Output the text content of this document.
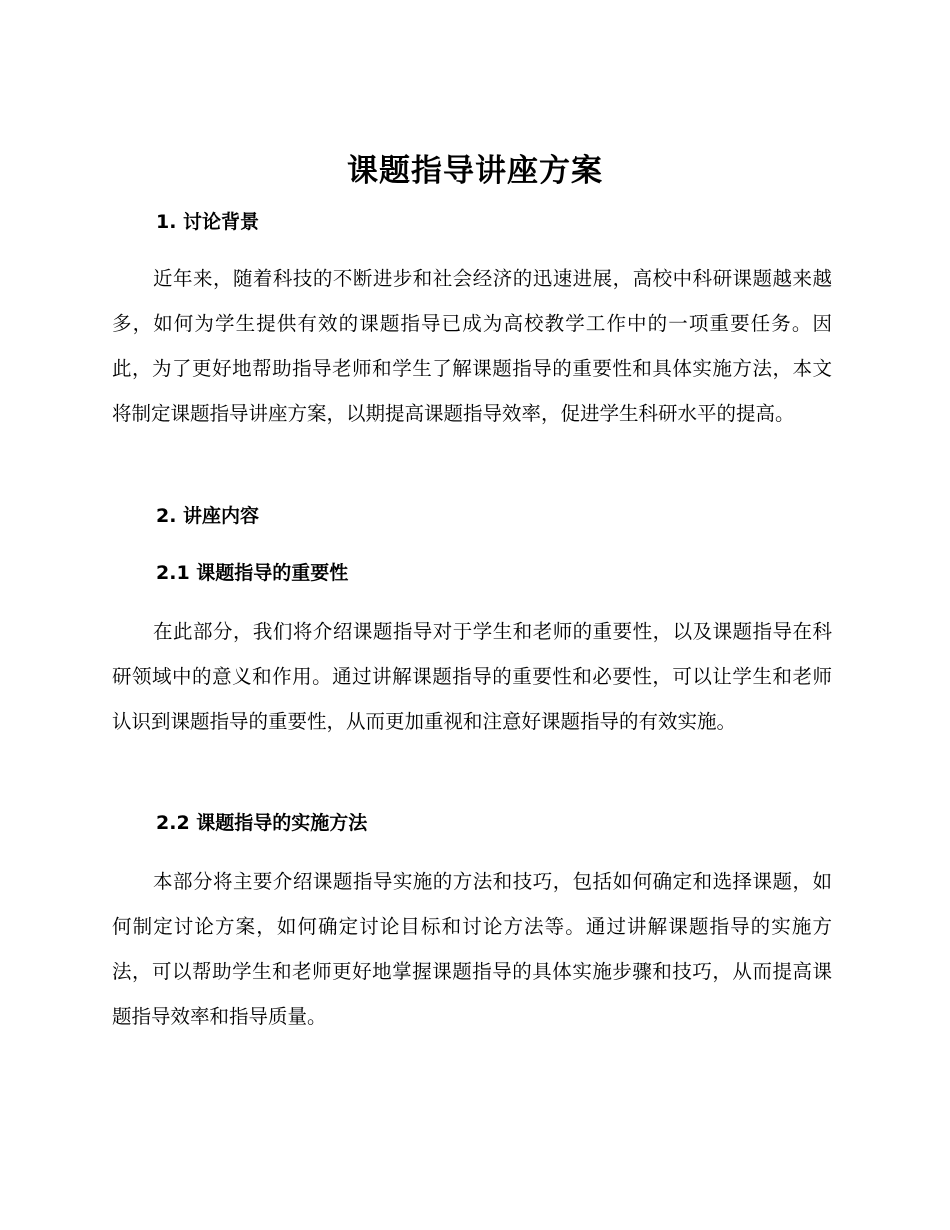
课题指导讲座方案
1. 讨论背景

近年来，随着科技的不断进步和社会经济的迅速进展，高校中科研课题越来越多，如何为学生提供有效的课题指导已成为高校教学工作中的一项重要任务。因此，为了更好地帮助指导老师和学生了解课题指导的重要性和具体实施方法，本文将制定课题指导讲座方案，以期提高课题指导效率，促进学生科研水平的提高。

2. 讲座内容
2.1 课题指导的重要性

在此部分，我们将介绍课题指导对于学生和老师的重要性，以及课题指导在科研领域中的意义和作用。通过讲解课题指导的重要性和必要性，可以让学生和老师认识到课题指导的重要性，从而更加重视和注意好课题指导的有效实施。

2.2 课题指导的实施方法

本部分将主要介绍课题指导实施的方法和技巧，包括如何确定和选择课题，如何制定讨论方案，如何确定讨论目标和讨论方法等。通过讲解课题指导的实施方法，可以帮助学生和老师更好地掌握课题指导的具体实施步骤和技巧，从而提高课题指导效率和指导质量。
